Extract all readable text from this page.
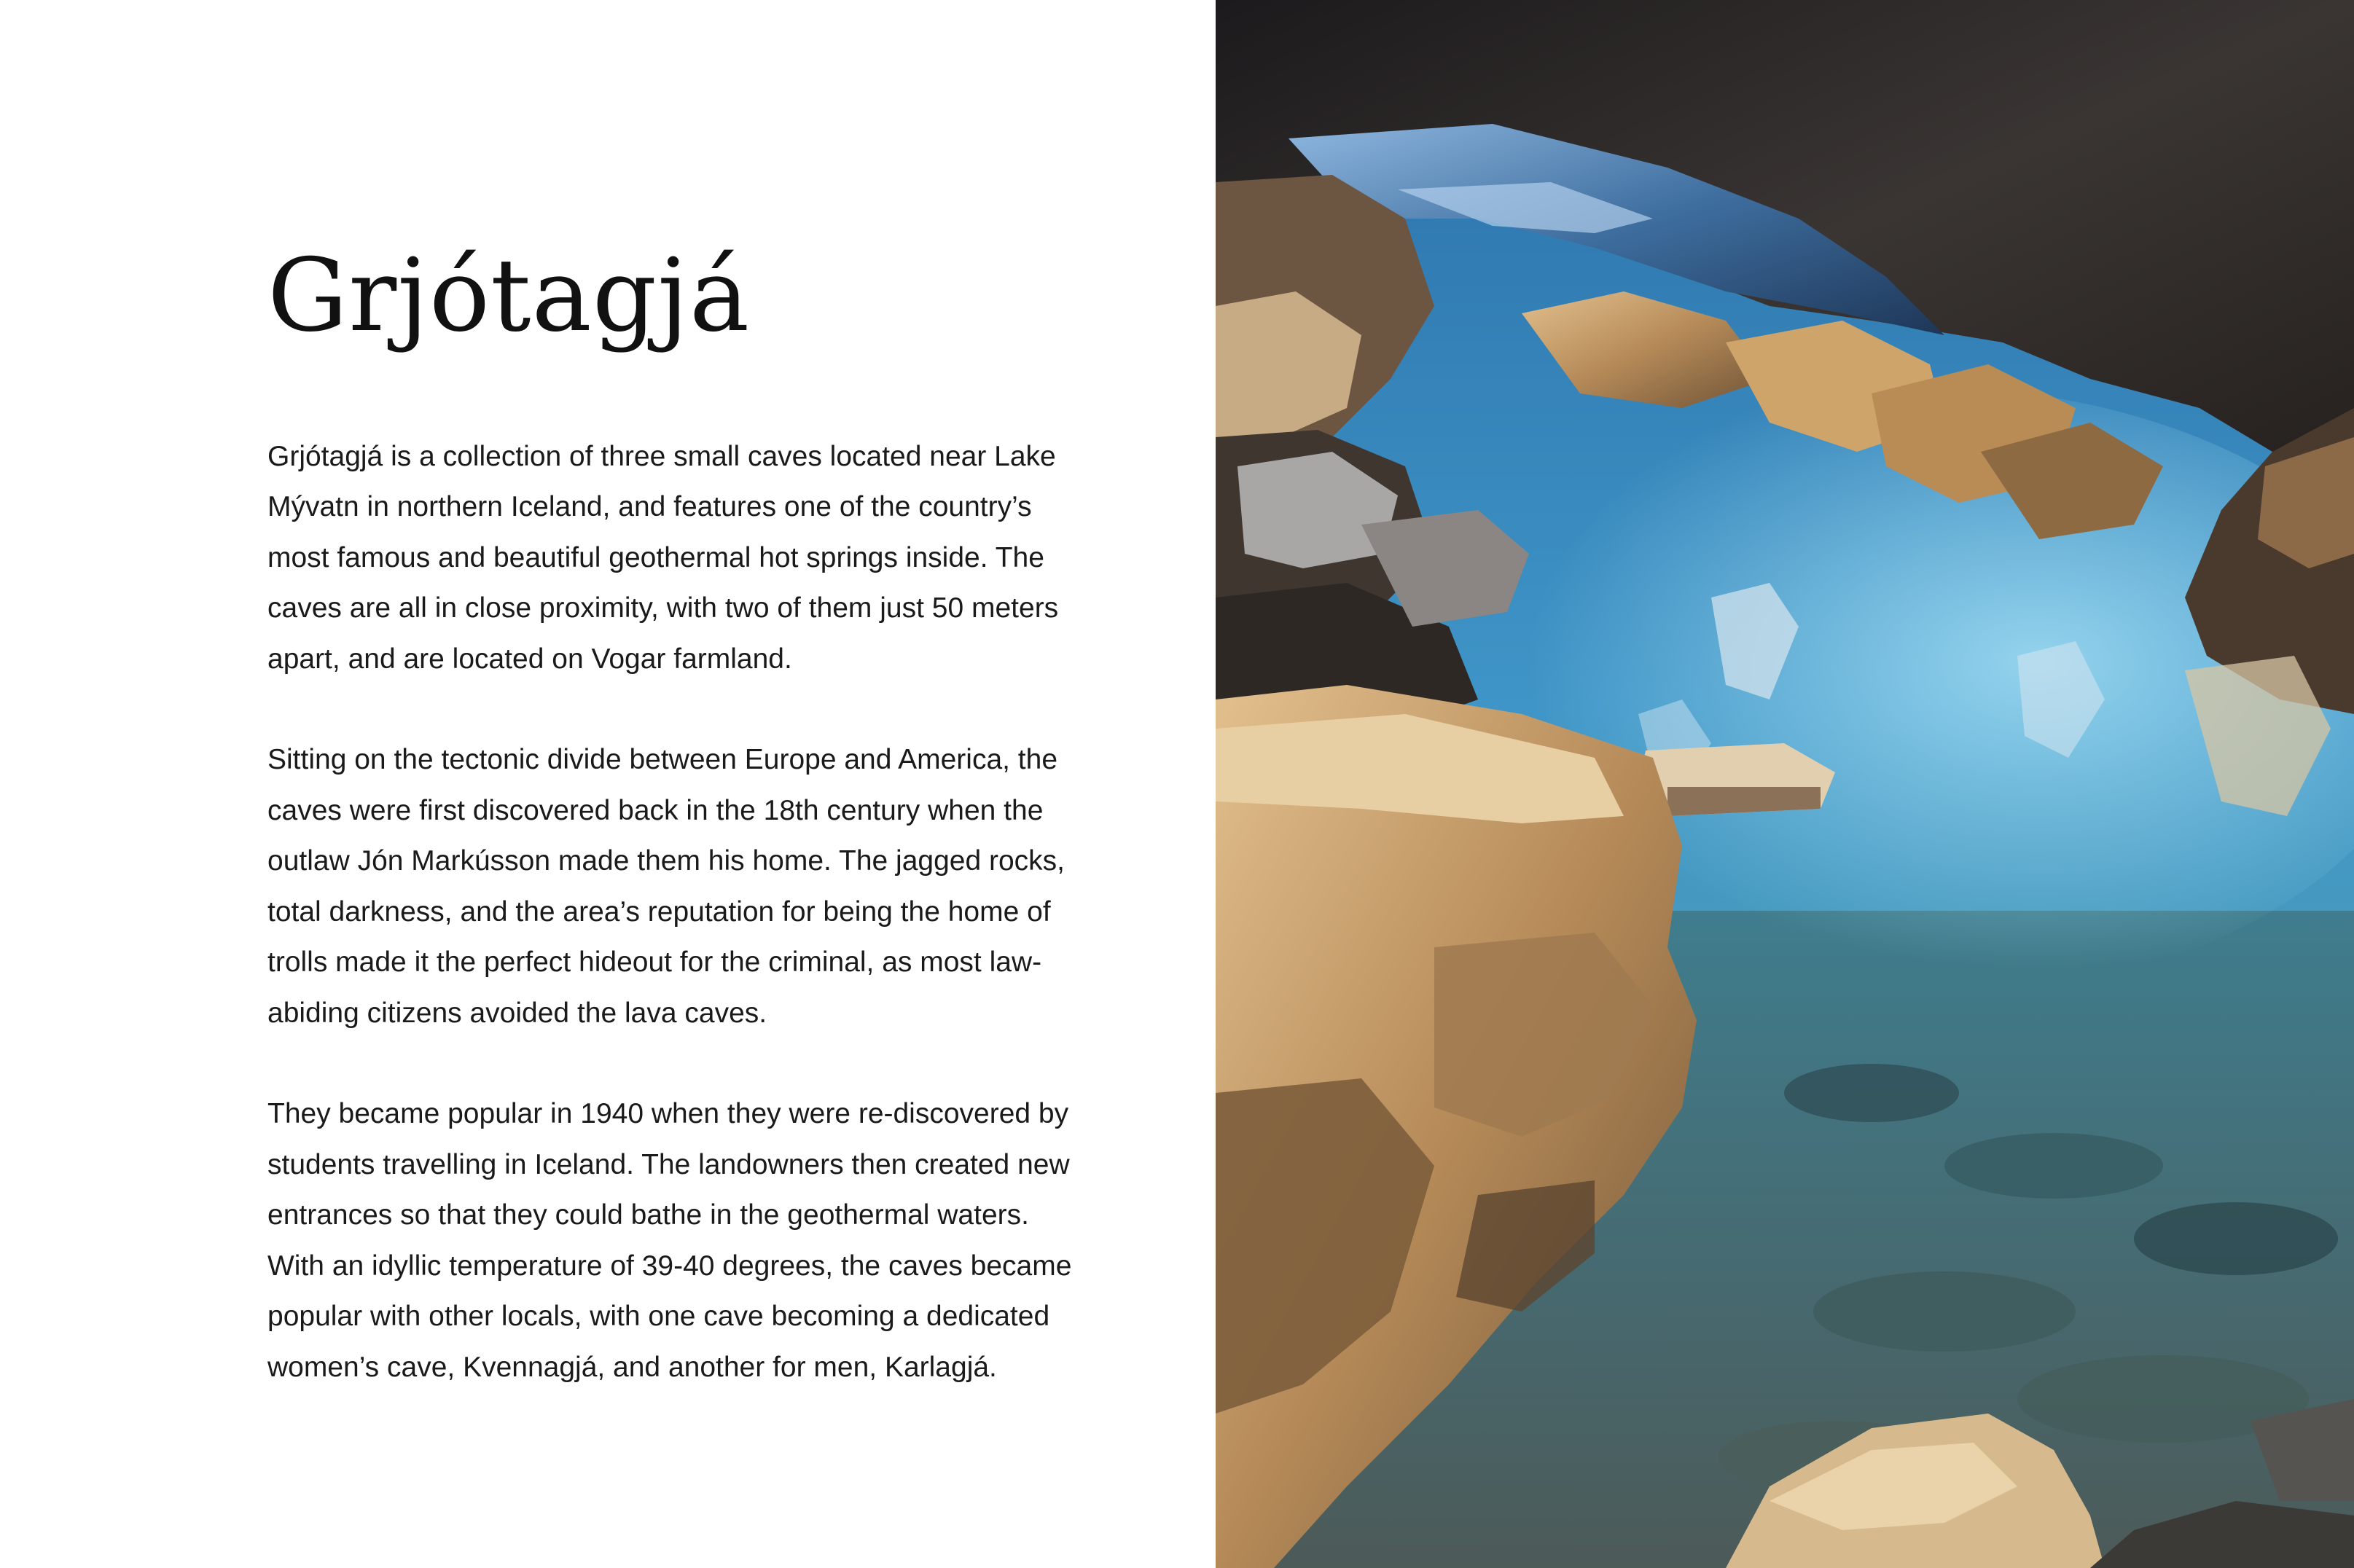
Grjótagjá

Grjótagjá is a collection of three small caves located near Lake Mývatn in northern Iceland, and features one of the country’s most famous and beautiful geothermal hot springs inside. The caves are all in close proximity, with two of them just 50 meters apart, and are located on Vogar farmland.

Sitting on the tectonic divide between Europe and America, the caves were first discovered back in the 18th century when the outlaw Jón Markússon made them his home. The jagged rocks, total darkness, and the area’s reputation for being the home of trolls made it the perfect hideout for the criminal, as most law-abiding citizens avoided the lava caves.

They became popular in 1940 when they were re-discovered by students travelling in Iceland. The landowners then created new entrances so that they could bathe in the geothermal waters. With an idyllic temperature of 39-40 degrees, the caves became popular with other locals, with one cave becoming a dedicated women’s cave, Kvennagjá, and another for men, Karlagjá.
